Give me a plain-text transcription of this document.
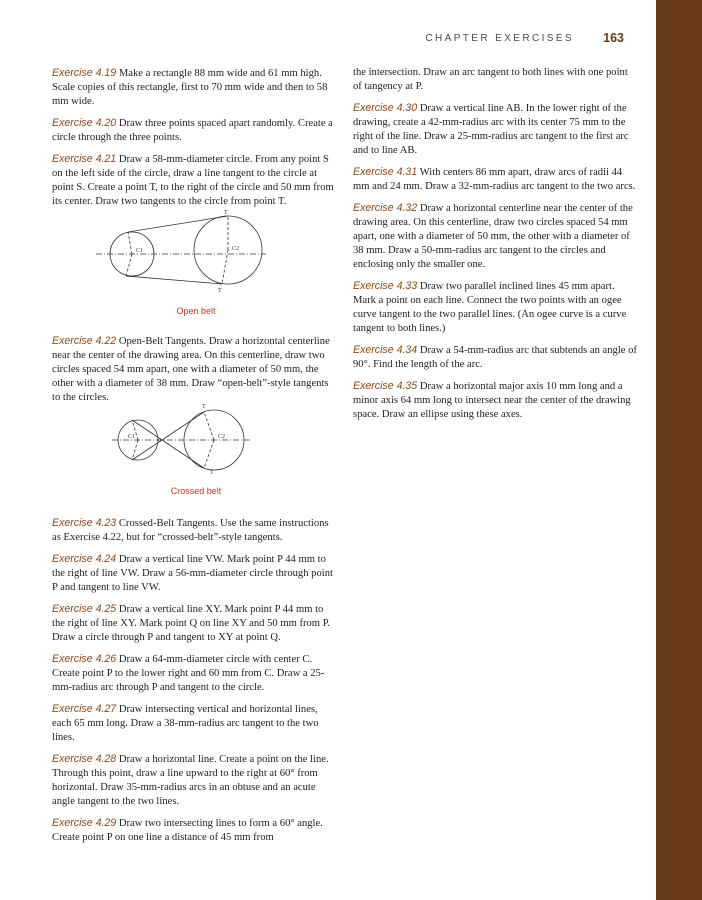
CHAPTER EXERCISES 163

Exercise 4.19 Make a rectangle 88 mm wide and 61 mm high. Scale copies of this rectangle, first to 70 mm wide and then to 58 mm wide.

Exercise 4.20 Draw three points spaced apart randomly. Create a circle through the three points.

Exercise 4.21 Draw a 58-mm-diameter circle. From any point S on the left side of the circle, draw a line tangent to the circle at point S. Create a point T, to the right of the circle and 50 mm from its center. Draw two tangents to the circle from point T.

C1	C2
T
T
Open belt

Exercise 4.22 Open-Belt Tangents. Draw a horizontal centerline near the center of the drawing area. On this centerline, draw two circles spaced 54 mm apart, one with a diameter of 50 mm, the other with a diameter of 38 mm. Draw “open-belt”-style tangents to the circles.

C1	C2
T
T
Crossed belt

Exercise 4.23 Crossed-Belt Tangents. Use the same instructions as Exercise 4.22, but for “crossed-belt”-style tangents.

Exercise 4.24 Draw a vertical line VW. Mark point P 44 mm to the right of line VW. Draw a 56-mm-diameter circle through point P and tangent to line VW.

Exercise 4.25 Draw a vertical line XY. Mark point P 44 mm to the right of line XY. Mark point Q on line XY and 50 mm from P. Draw a circle through P and tangent to XY at point Q.

Exercise 4.26 Draw a 64-mm-diameter circle with center C. Create point P to the lower right and 60 mm from C. Draw a 25-mm-radius arc through P and tangent to the circle.

Exercise 4.27 Draw intersecting vertical and horizontal lines, each 65 mm long. Draw a 38-mm-radius arc tangent to the two lines.

Exercise 4.28 Draw a horizontal line. Create a point on the line. Through this point, draw a line upward to the right at 60° from horizontal. Draw 35-mm-radius arcs in an obtuse and an acute angle tangent to the two lines.

Exercise 4.29 Draw two intersecting lines to form a 60° angle. Create point P on one line a distance of 45 mm from

the intersection. Draw an arc tangent to both lines with one point of tangency at P.

Exercise 4.30 Draw a vertical line AB. In the lower right of the drawing, create a 42-mm-radius arc with its center 75 mm to the right of the line. Draw a 25-mm-radius arc tangent to the first arc and to line AB.

Exercise 4.31 With centers 86 mm apart, draw arcs of radii 44 mm and 24 mm. Draw a 32-mm-radius arc tangent to the two arcs.

Exercise 4.32 Draw a horizontal centerline near the center of the drawing area. On this centerline, draw two circles spaced 54 mm apart, one with a diameter of 50 mm, the other with a diameter of 38 mm. Draw a 50-mm-radius arc tangent to the circles and enclosing only the smaller one.

Exercise 4.33 Draw two parallel inclined lines 45 mm apart. Mark a point on each line. Connect the two points with an ogee curve tangent to the two parallel lines. (An ogee curve is a curve tangent to both lines.)

Exercise 4.34 Draw a 54-mm-radius arc that subtends an angle of 90°. Find the length of the arc.

Exercise 4.35 Draw a horizontal major axis 10 mm long and a minor axis 64 mm long to intersect near the center of the drawing space. Draw an ellipse using these axes.
